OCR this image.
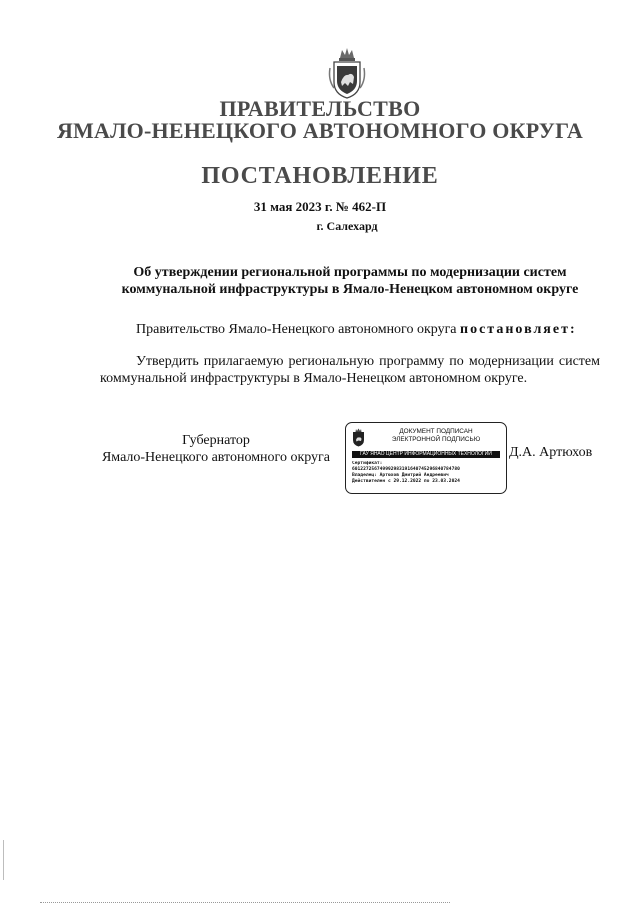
ПРАВИТЕЛЬСТВО
ЯМАЛО-НЕНЕЦКОГО АВТОНОМНОГО ОКРУГА
ПОСТАНОВЛЕНИЕ
31 мая 2023 г. № 462-П
г. Салехард
Об утверждении региональной программы по модернизации систем коммунальной инфраструктуры в Ямало-Ненецком автономном округе
Правительство Ямало-Ненецкого автономного округа постановляет:
Утвердить прилагаемую региональную программу по модернизации систем коммунальной инфраструктуры в Ямало-Ненецком автономном округе.
Губернатор
Ямало-Ненецкого автономного округа
ДОКУМЕНТ ПОДПИСАН
ЭЛЕКТРОННОЙ ПОДПИСЬЮ
ГАУ ЯНАО ЦЕНТР ИНФОРМАЦИОННЫХ ТЕХНОЛОГИЙ
Сертификат:
601227256749992983191640745296840784780
Владелец: Артюхов Дмитрий Андреевич
Действителен с 29.12.2022 по 23.03.2024
Д.А. Артюхов
